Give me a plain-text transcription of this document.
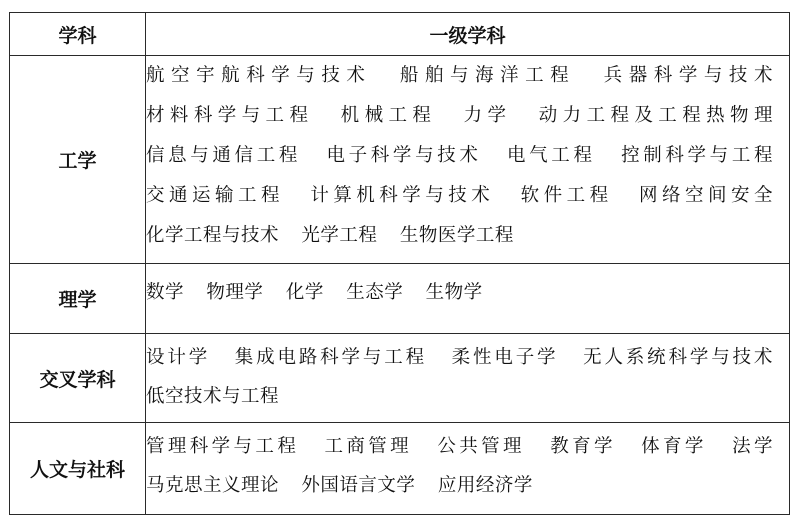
学科	一级学科
工学	航空宇航科学与技术 船舶与海洋工程 兵器科学与技术 材料科学与工程 机械工程 力学 动力工程及工程热物理 信息与通信工程 电子科学与技术 电气工程 控制科学与工程 交通运输工程 计算机科学与技术 软件工程 网络空间安全 化学工程与技术 光学工程 生物医学工程
理学	数学 物理学 化学 生态学 生物学
交叉学科	设计学 集成电路科学与工程 柔性电子学 无人系统科学与技术 低空技术与工程
人文与社科	管理科学与工程 工商管理 公共管理 教育学 体育学 法学 马克思主义理论 外国语言文学 应用经济学
